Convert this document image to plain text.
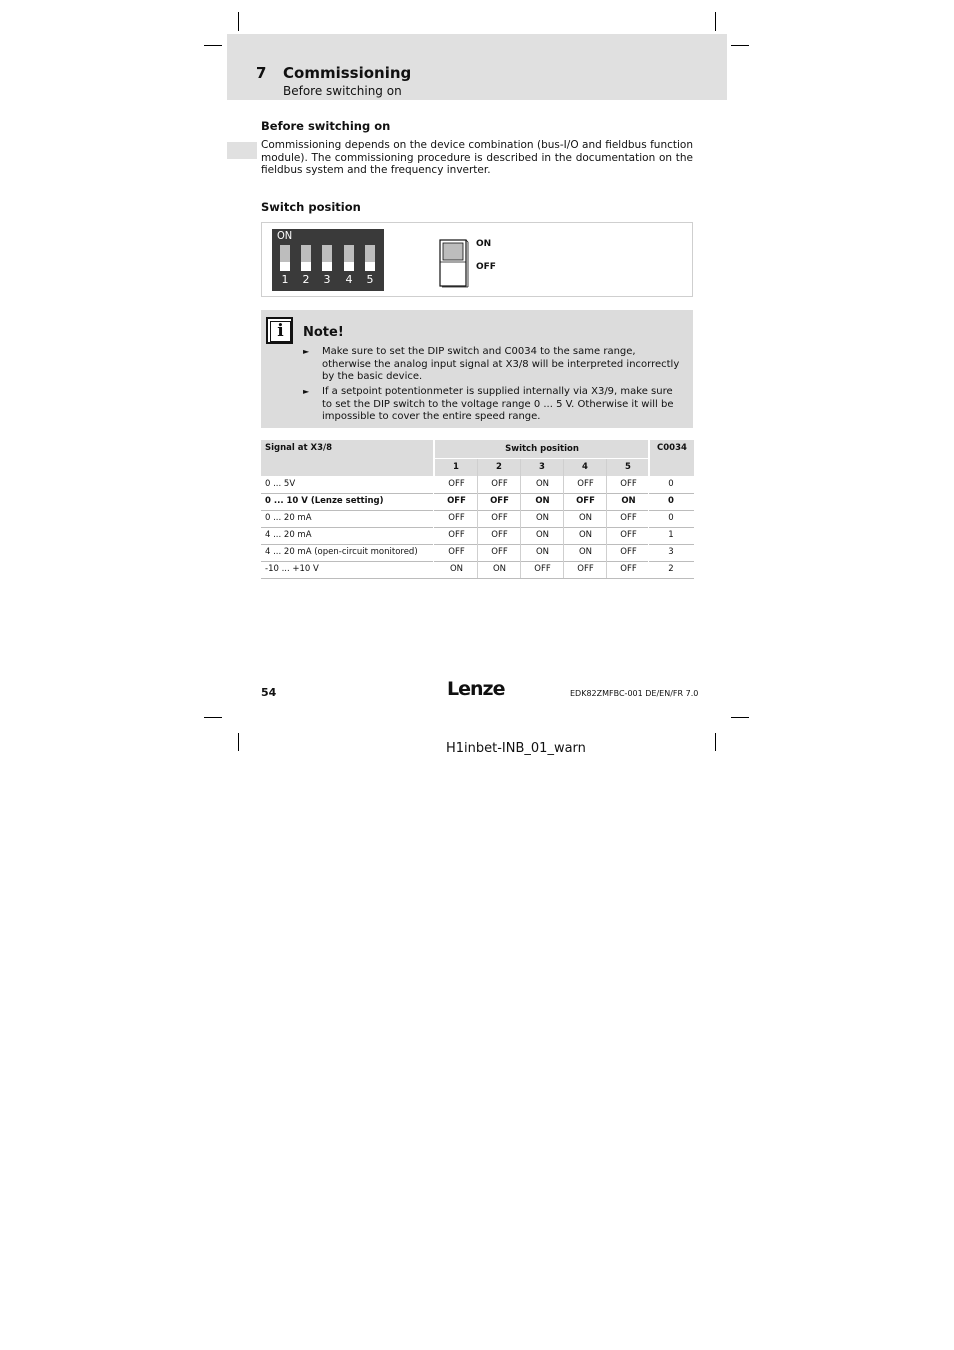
7 Commissioning
Before switching on
Before switching on
Commissioning depends on the device combination (bus-I/O and fieldbus function module). The commissioning procedure is described in the documentation on the fieldbus system and the frequency inverter.
Switch position
ON
1 2 3 4 5
ON
OFF
i	Note!
► Make sure to set the DIP switch and C0034 to the same range, otherwise the analog input signal at X3/8 will be interpreted incorrectly by the basic device.
► If a setpoint potentionmeter is supplied internally via X3/9, make sure to set the DIP switch to the voltage range 0 ... 5 V. Otherwise it will be impossible to cover the entire speed range.
Signal at X3/8	Switch position	C0034
1	2	3	4	5
0 ... 5V	OFF	OFF	ON	OFF	OFF	0
0 ... 10 V (Lenze setting)	OFF	OFF	ON	OFF	ON	0
0 ... 20 mA	OFF	OFF	ON	ON	OFF	0
4 ... 20 mA	OFF	OFF	ON	ON	OFF	1
4 ... 20 mA (open-circuit monitored)	OFF	OFF	ON	ON	OFF	3
-10 ... +10 V	ON	ON	OFF	OFF	OFF	2
54	Lenze	EDK82ZMFBC-001 DE/EN/FR 7.0
H1inbet-INB_01_warn
